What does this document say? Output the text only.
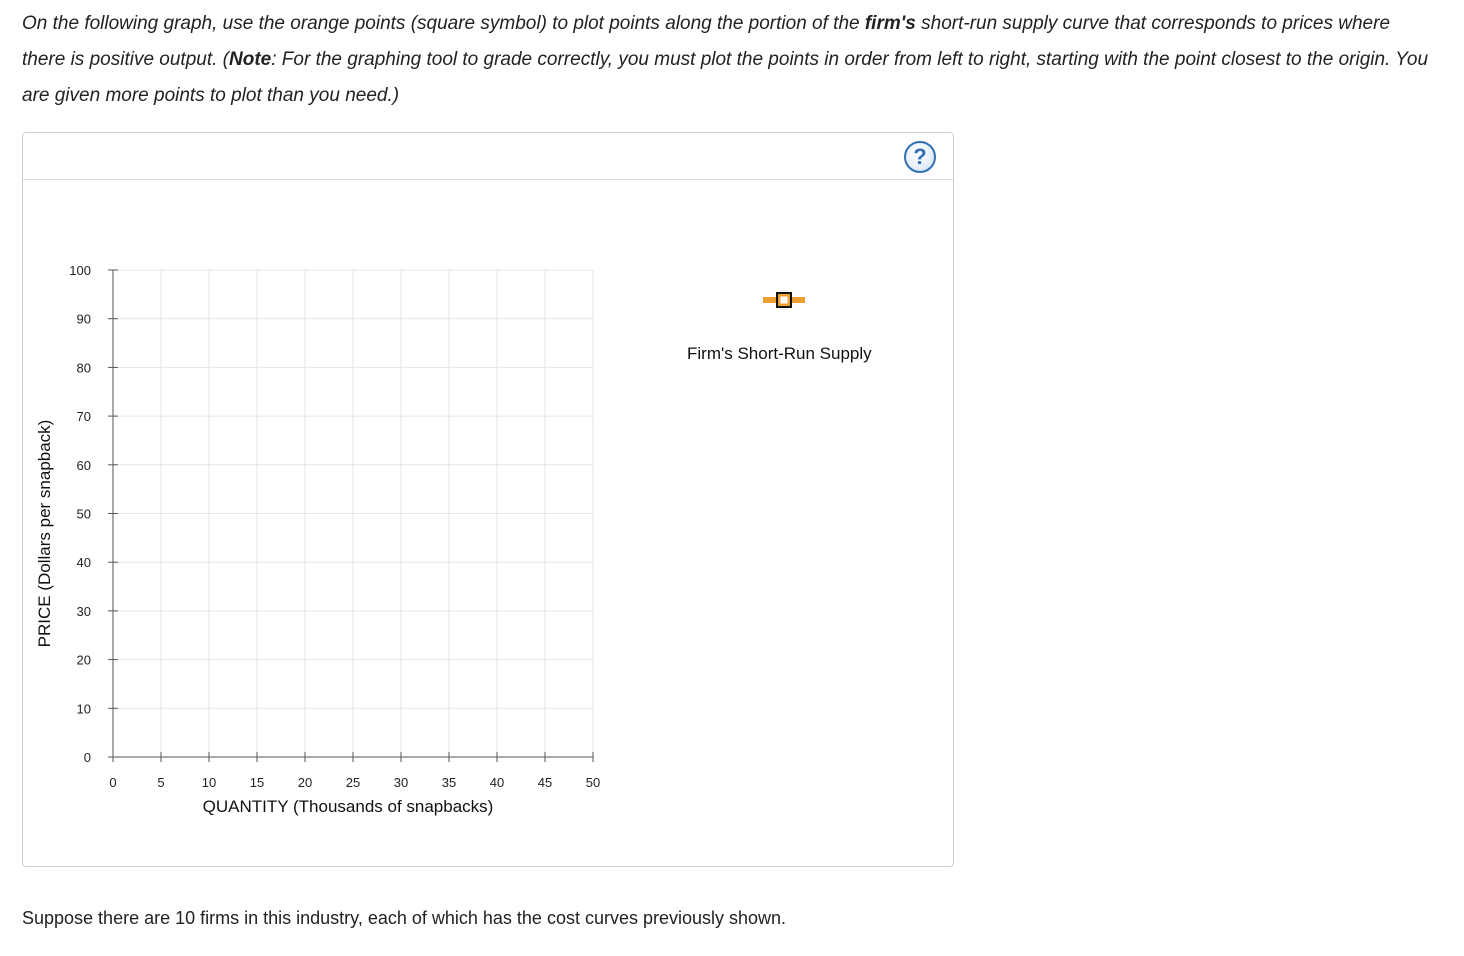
On the following graph, use the orange points (square symbol) to plot points along the portion of the firm's short-run supply curve that corresponds to prices where there is positive output. (Note: For the graphing tool to grade correctly, you must plot the points in order from left to right, starting with the point closest to the origin. You are given more points to plot than you need.)
?
0
10
20
30
40
50
60
70
80
90
100
0	5	10	15	20	25	30	35	40	45	50
QUANTITY (Thousands of snapbacks)
PRICE (Dollars per snapback)
Firm's Short-Run Supply
Suppose there are 10 firms in this industry, each of which has the cost curves previously shown.
